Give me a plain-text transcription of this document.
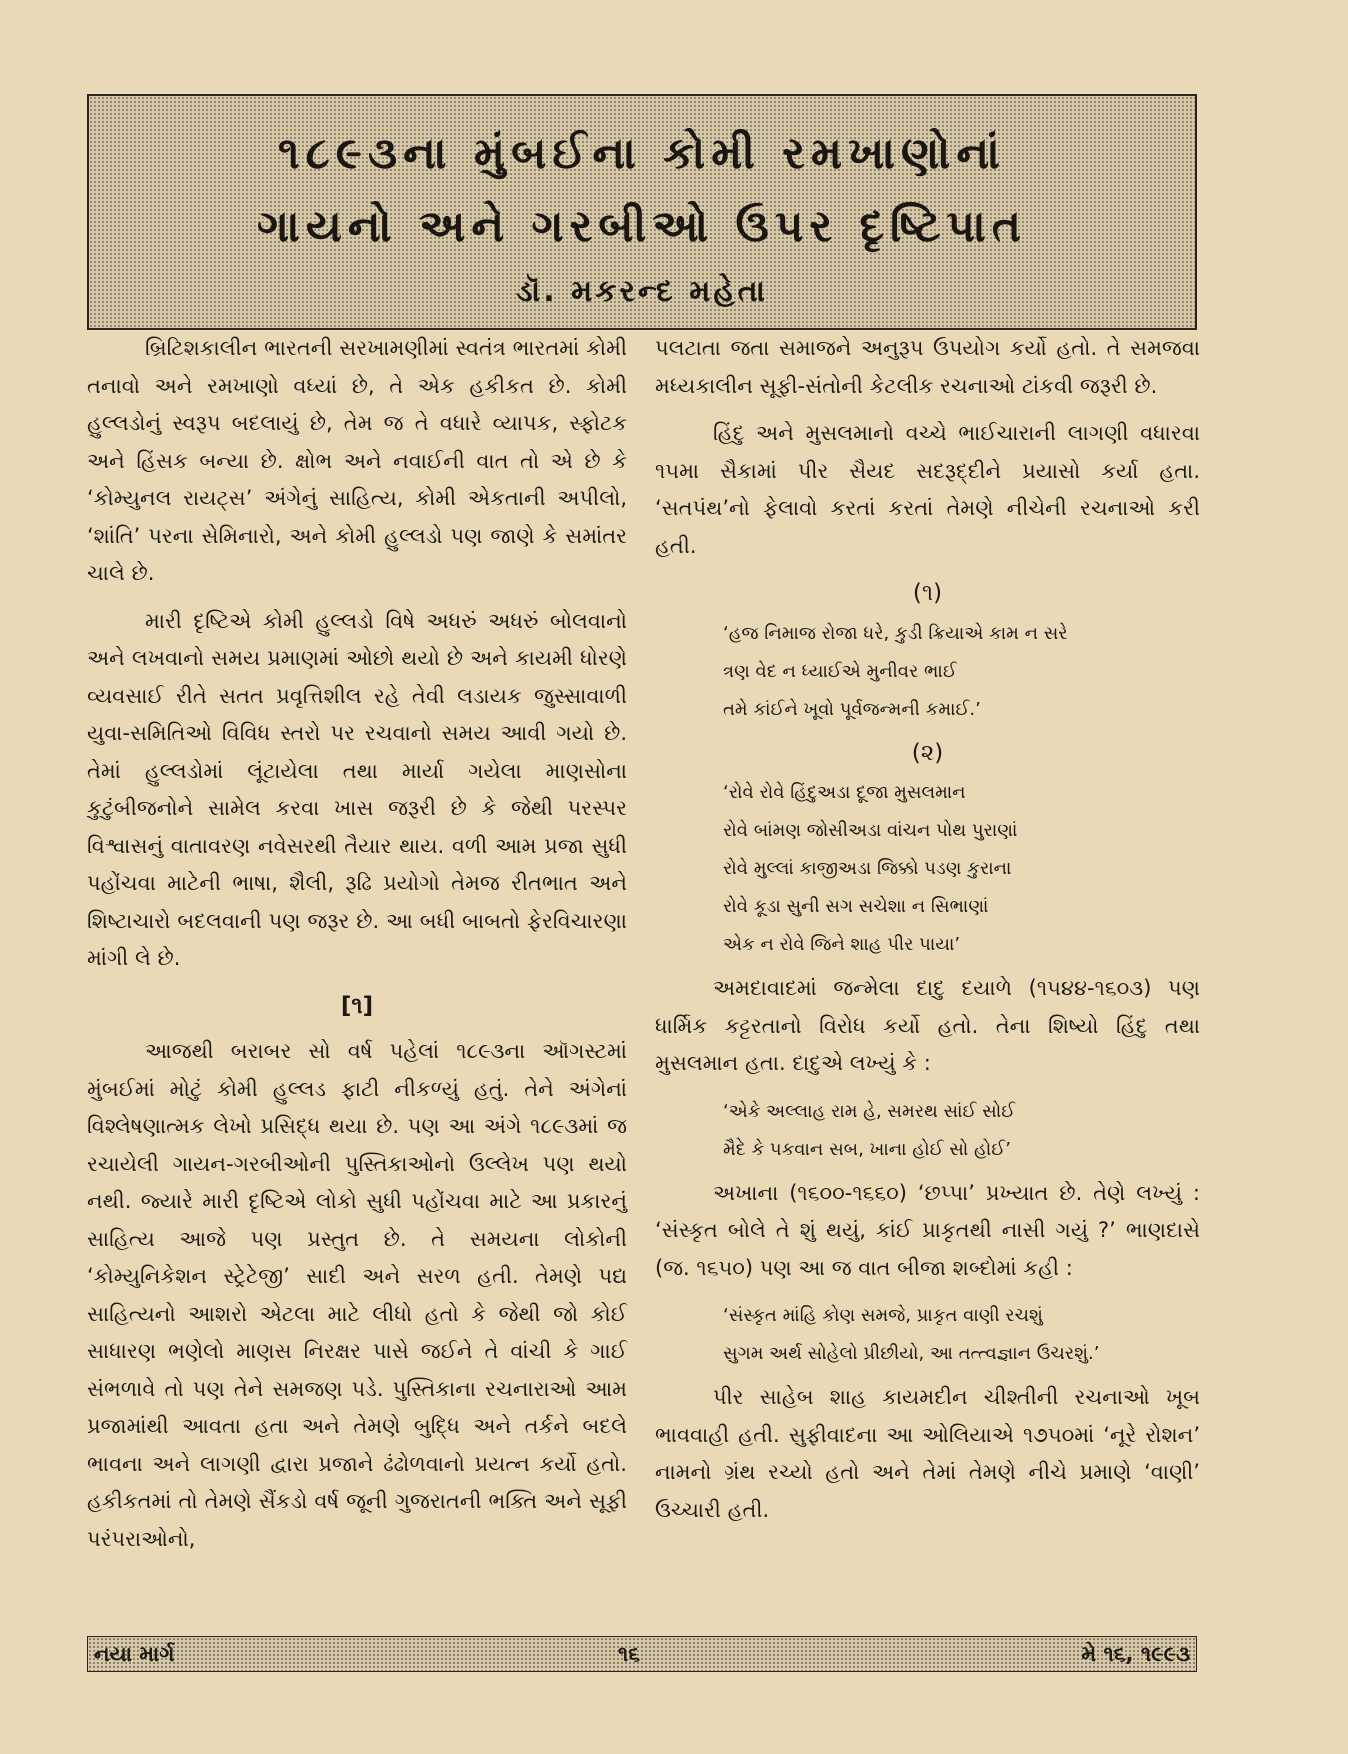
૧૮૯૩ના મુંબઈના કોમી રમખાણોનાં
ગાયનો અને ગરબીઓ ઉપર દૃષ્ટિપાત
ડૉ. મકરન્દ મહેતા

બ્રિટિશકાલીન ભારતની સરખામણીમાં સ્વતંત્ર ભારતમાં કોમી તનાવો અને રમખાણો વધ્યાં છે, તે એક હકીકત છે. કોમી હુલ્લડોનું સ્વરૂપ બદલાયું છે, તેમ જ તે વધારે વ્યાપક, સ્ફોટક અને હિંસક બન્યા છે. ક્ષોભ અને નવાઈની વાત તો એ છે કે ‘કોમ્યુનલ રાયટ્સ’ અંગેનું સાહિત્ય, કોમી એકતાની અપીલો, ‘શાંતિ’ પરના સેમિનારો, અને કોમી હુલ્લડો પણ જાણે કે સમાંતર ચાલે છે.

મારી દૃષ્ટિએ કોમી હુલ્લડો વિષે અધરું અધરું બોલવાનો અને લખવાનો સમય પ્રમાણમાં ઓછો થયો છે અને કાયમી ધોરણે વ્યવસાઈ રીતે સતત પ્રવૃત્તિશીલ રહે તેવી લડાયક જુસ્સાવાળી યુવા-સમિતિઓ વિવિધ સ્તરો પર રચવાનો સમય આવી ગયો છે. તેમાં હુલ્લડોમાં લૂંટાયેલા તથા માર્યા ગયેલા માણસોના કુટુંબીજનોને સામેલ કરવા ખાસ જરૂરી છે કે જેથી પરસ્પર વિશ્વાસનું વાતાવરણ નવેસરથી તૈયાર થાય. વળી આમ પ્રજા સુધી પહોંચવા માટેની ભાષા, શૈલી, રૂઢિ પ્રયોગો તેમજ રીતભાત અને શિષ્ટાચારો બદલવાની પણ જરૂર છે. આ બધી બાબતો ફેરવિચારણા માંગી લે છે.

[૧]

આજથી બરાબર સો વર્ષ પહેલાં ૧૮૯૩ના ઑગસ્ટમાં મુંબઈમાં મોટું કોમી હુલ્લડ ફાટી નીકળ્યું હતું. તેને અંગેનાં વિશ્લેષણાત્મક લેખો પ્રસિદ્ધ થયા છે. પણ આ અંગે ૧૮૯૩માં જ રચાયેલી ગાયન-ગરબીઓની પુસ્તિકાઓનો ઉલ્લેખ પણ થયો નથી. જ્યારે મારી દૃષ્ટિએ લોકો સુધી પહોંચવા માટે આ પ્રકારનું સાહિત્ય આજે પણ પ્રસ્તુત છે. તે સમયના લોકોની ‘કોમ્યુનિકેશન સ્ટ્રેટેજી’ સાદી અને સરળ હતી. તેમણે પદ્ય સાહિત્યનો આશરો એટલા માટે લીધો હતો કે જેથી જો કોઈ સાધારણ ભણેલો માણસ નિરક્ષર પાસે જઈને તે વાંચી કે ગાઈ સંભળાવે તો પણ તેને સમજણ પડે. પુસ્તિકાના રચનારાઓ આમ પ્રજામાંથી આવતા હતા અને તેમણે બુદ્ધિ અને તર્કને બદલે ભાવના અને લાગણી દ્વારા પ્રજાને ઢંઢોળવાનો પ્રયત્ન કર્યો હતો. હકીકતમાં તો તેમણે સૈંકડો વર્ષ જૂની ગુજરાતની ભક્તિ અને સૂફી પરંપરાઓનો,

પલટાતા જતા સમાજને અનુરૂપ ઉપયોગ કર્યો હતો. તે સમજવા મધ્યકાલીન સૂફી-સંતોની કેટલીક રચનાઓ ટાંકવી જરૂરી છે.

હિંદુ અને મુસલમાનો વચ્ચે ભાઈચારાની લાગણી વધારવા ૧૫મા સૈકામાં પીર સૈયદ સદરૂદ્દીને પ્રયાસો કર્યા હતા. ‘સતપંથ’નો ફેલાવો કરતાં કરતાં તેમણે નીચેની રચનાઓ કરી હતી.

(૧)
‘હજ નિમાજ રોજા ધરે, કુડી ક્રિયાએ કામ ન સરે
ત્રણ વેદ ન ધ્યાઈએ મુનીવર ભાઈ
તમે કાંઈને ખૂવો પૂર્વજન્મની કમાઈ.’
(૨)
‘રોવે રોવે હિંદુઅડા દૂજા મુસલમાન
રોવે બાંમણ જોસીઅડા વાંચન પોથ પુરાણાં
રોવે મુલ્લાં કાજીઅડા જિક્કો પડણ કુરાના
રોવે કૂડા સુની સગ સચેશા ન સિભાણાં
એક ન રોવે જિને શાહ પીર પાયા’

અમદાવાદમાં જન્મેલા દાદુ દયાળે (૧૫૪૪-૧૬૦૩) પણ ધાર્મિક કટ્ટરતાનો વિરોધ કર્યો હતો. તેના શિષ્યો હિંદુ તથા મુસલમાન હતા. દાદુએ લખ્યું કે :

‘એકે અલ્લાહ રામ હે, સમરથ સાંઈ સોઈ
મૈદે કે પકવાન સબ, ખાના હોઈ સો હોઈ’

અખાના (૧૬૦૦-૧૬૬૦) ‘છપ્પા’ પ્રખ્યાત છે. તેણે લખ્યું : ‘સંસ્કૃત બોલે તે શું થયું, કાંઈ પ્રાકૃતથી નાસી ગયું ?’ ભાણદાસે (જ. ૧૬૫૦) પણ આ જ વાત બીજા શબ્દોમાં કહી :

‘સંસ્કૃત માંહિ કોણ સમજે, પ્રાકૃત વાણી રચશું
સુગમ અર્થ સોહેલો પ્રીછીયો, આ તત્ત્વજ્ઞાન ઉચરશું.’

પીર સાહેબ શાહ કાયમદીન ચીશ્તીની રચનાઓ ખૂબ ભાવવાહી હતી. સુફીવાદના આ ઓલિયાએ ૧૭૫૦માં ‘નૂરે રોશન’ નામનો ગ્રંથ રચ્યો હતો અને તેમાં તેમણે નીચે પ્રમાણે ‘વાણી’ ઉચ્ચારી હતી.

નયા માર્ગ	૧૬	મે ૧૬, ૧૯૯૩
